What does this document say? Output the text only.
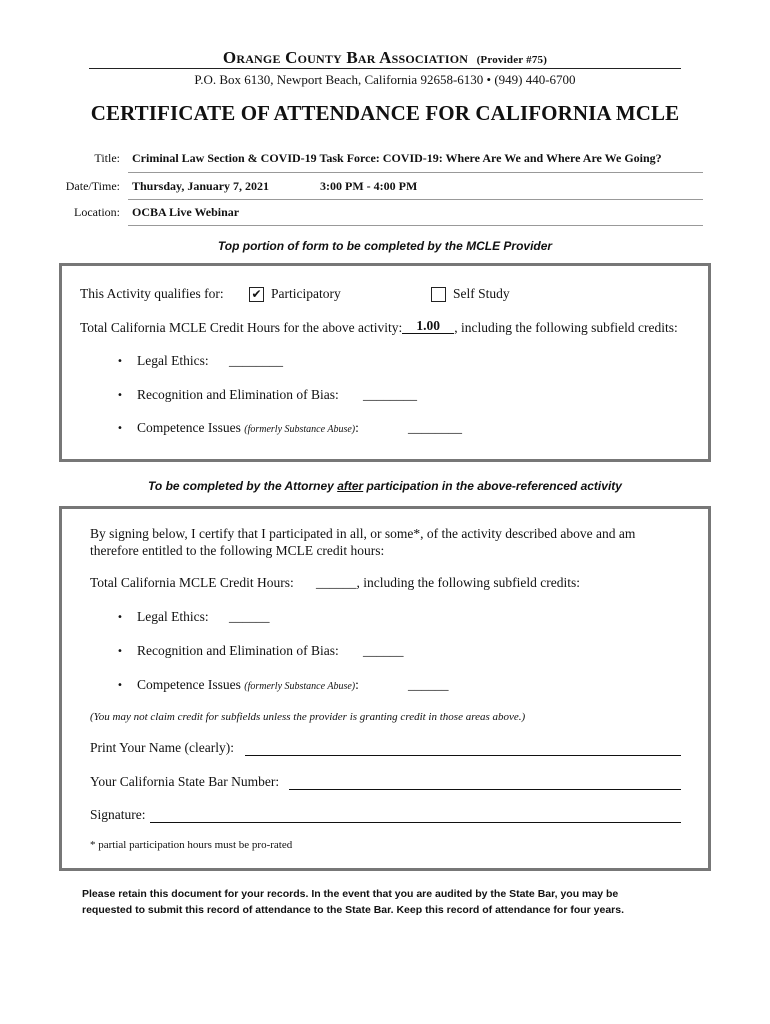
Orange County Bar Association (Provider #75)
P.O. Box 6130, Newport Beach, California 92658-6130 • (949) 440-6700
CERTIFICATE OF ATTENDANCE FOR CALIFORNIA MCLE
Title: Criminal Law Section & COVID-19 Task Force: COVID-19: Where Are We and Where Are We Going?
Date/Time: Thursday, January 7, 2021	3:00 PM - 4:00 PM
Location: OCBA Live Webinar
Top portion of form to be completed by the MCLE Provider
This Activity qualifies for: ✔ Participatory	Self Study
Total California MCLE Credit Hours for the above activity: 1.00 , including the following subfield credits:
• Legal Ethics: ________
• Recognition and Elimination of Bias: ________
• Competence Issues (formerly Substance Abuse):	________
To be completed by the Attorney after participation in the above-referenced activity
By signing below, I certify that I participated in all, or some*, of the activity described above and am
therefore entitled to the following MCLE credit hours:
Total California MCLE Credit Hours: ______, including the following subfield credits:
• Legal Ethics: ______
• Recognition and Elimination of Bias: ______
• Competence Issues (formerly Substance Abuse):	______
(You may not claim credit for subfields unless the provider is granting credit in those areas above.)
Print Your Name (clearly):
Your California State Bar Number:
Signature:
* partial participation hours must be pro-rated
Please retain this document for your records. In the event that you are audited by the State Bar, you may be
requested to submit this record of attendance to the State Bar. Keep this record of attendance for four years.
